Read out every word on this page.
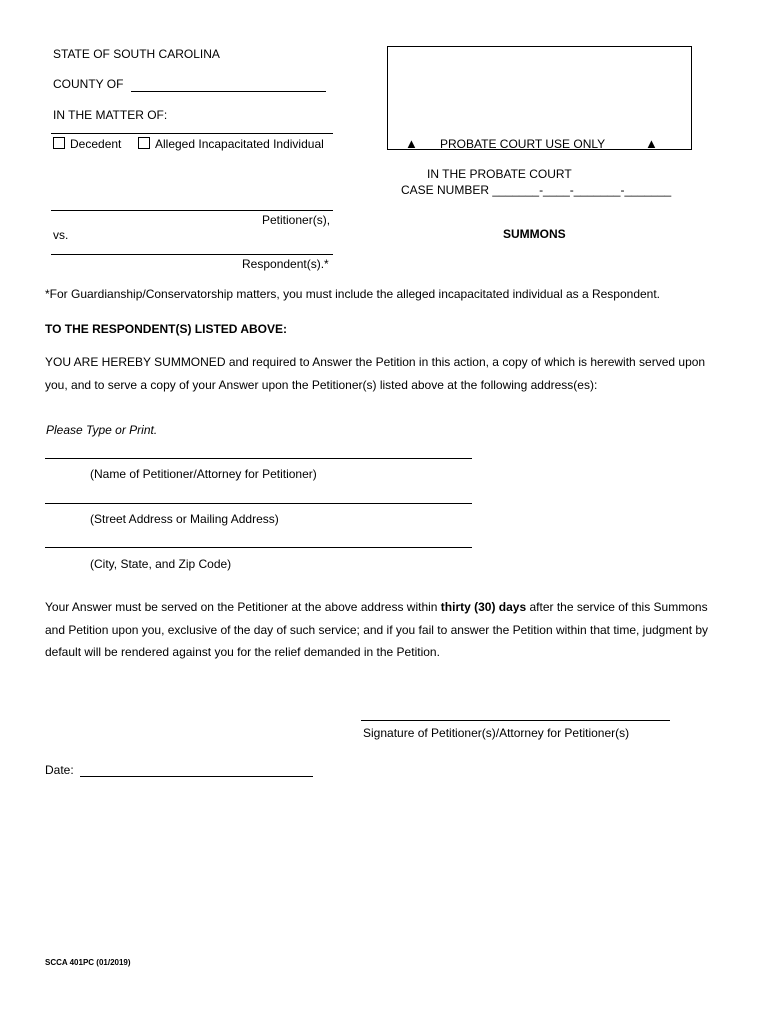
STATE OF SOUTH CAROLINA
COUNTY OF
IN THE MATTER OF:
Decedent	Alleged Incapacitated Individual
Petitioner(s),
vs.
Respondent(s).*
▲ PROBATE COURT USE ONLY	▲
IN THE PROBATE COURT
CASE NUMBER _______-____-_______-_______
SUMMONS
*For Guardianship/Conservatorship matters, you must include the alleged incapacitated individual as a Respondent.
TO THE RESPONDENT(S) LISTED ABOVE:
YOU ARE HEREBY SUMMONED and required to Answer the Petition in this action, a copy of which is herewith served upon you, and to serve a copy of your Answer upon the Petitioner(s) listed above at the following address(es):
Please Type or Print.
(Name of Petitioner/Attorney for Petitioner)
(Street Address or Mailing Address)
(City, State, and Zip Code)
Your Answer must be served on the Petitioner at the above address within thirty (30) days after the service of this Summons and Petition upon you, exclusive of the day of such service; and if you fail to answer the Petition within that time, judgment by default will be rendered against you for the relief demanded in the Petition.
Signature of Petitioner(s)/Attorney for Petitioner(s)
Date:
SCCA 401PC (01/2019)
